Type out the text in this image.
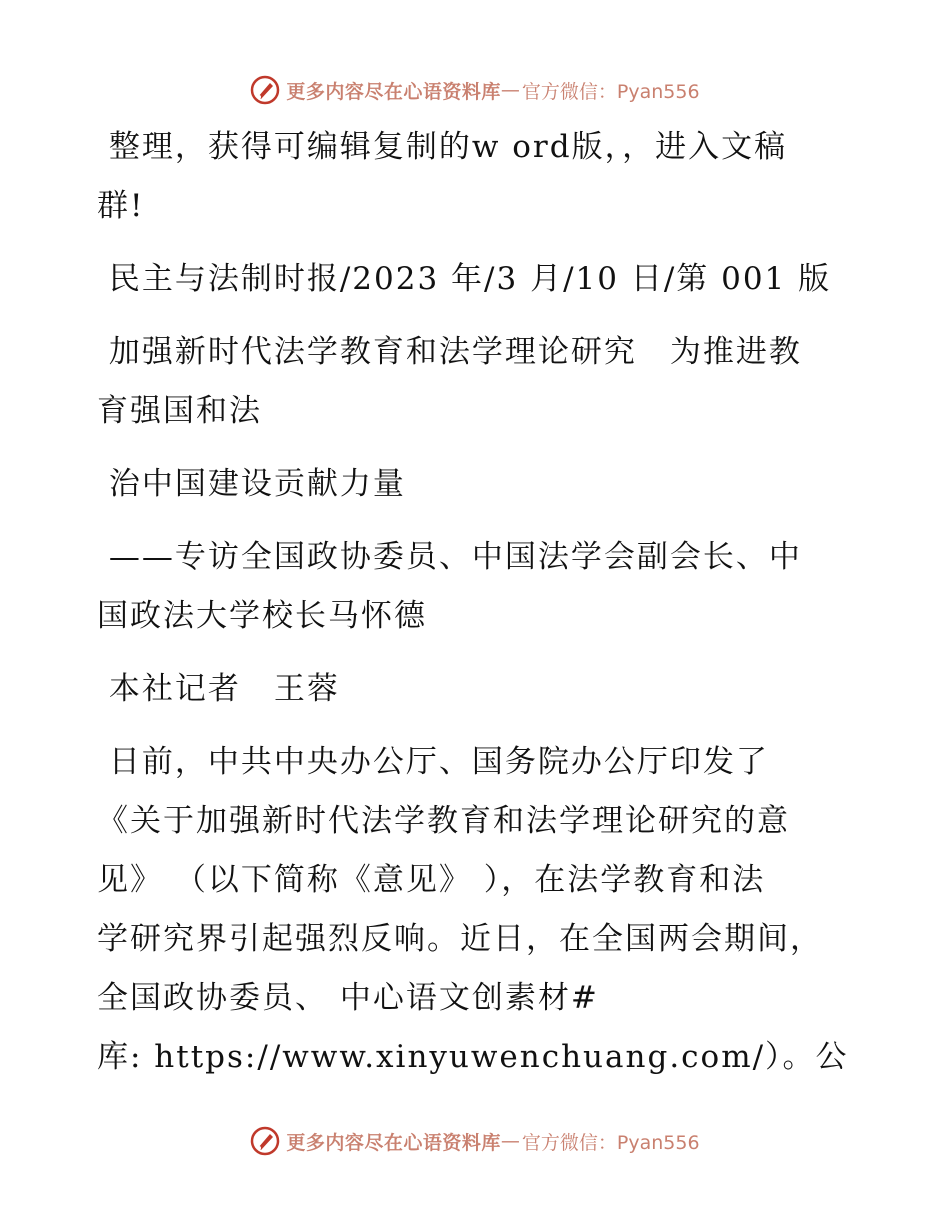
更多内容尽在心语资料库 — 官方微信：Pyan556

整理，获得可编辑复制的w ord版，，进入文稿
群!

民主与法制时报/2023 年/3 月/10 日/第 001 版

加强新时代法学教育和法学理论研究　为推进教
育强国和法

治中国建设贡献力量

——专访全国政协委员、中国法学会副会长、中
国政法大学校长马怀德

本社记者　王蓉

日前，中共中央办公厅、国务院办公厅印发了
《关于加强新时代法学教育和法学理论研究的意
见》 （以下简称《意见》 ），在法学教育和法
学研究界引起强烈反响。近日，在全国两会期间，
全国政协委员、 中心语文创素材#
库: https://www.xinyuwenchuang.com/）。公

更多内容尽在心语资料库 — 官方微信：Pyan556
